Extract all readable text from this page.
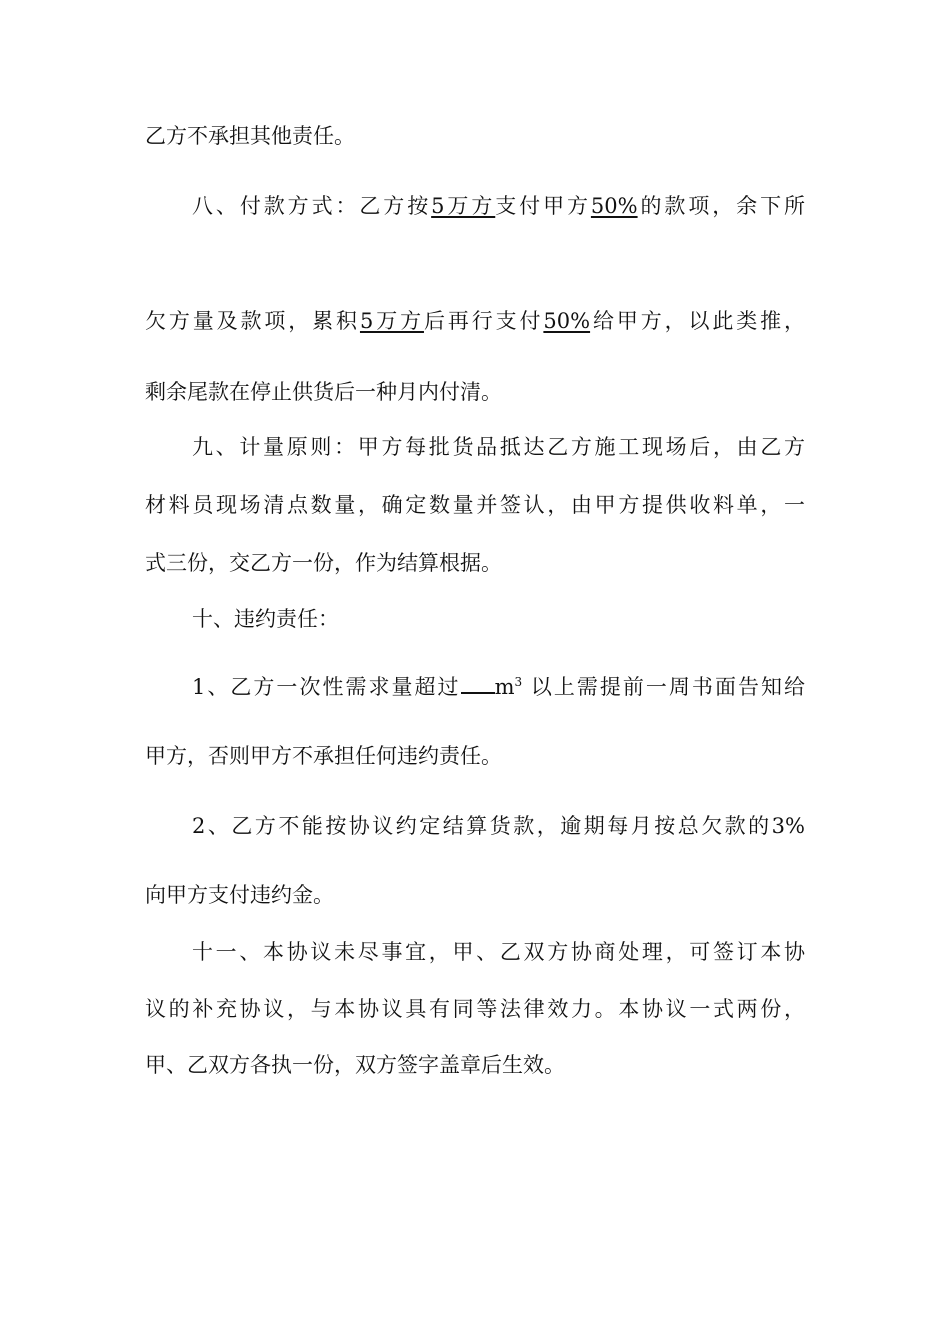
乙方不承担其他责任。
八、付款方式：乙方按5万方支付甲方50%的款项，余下所
欠方量及款项，累积5万方后再行支付50%给甲方，以此类推，
剩余尾款在停止供货后一种月内付清。
九、计量原则：甲方每批货品抵达乙方施工现场后，由乙方
材料员现场清点数量，确定数量并签认，由甲方提供收料单，一
式三份，交乙方一份，作为结算根据。
十、违约责任：
1、乙方一次性需求量超过 $m^3$ 以上需提前一周书面告知给
甲方，否则甲方不承担任何违约责任。
2、乙方不能按协议约定结算货款，逾期每月按总欠款的3%
向甲方支付违约金。
十一、本协议未尽事宜，甲、乙双方协商处理，可签订本协
议的补充协议，与本协议具有同等法律效力。本协议一式两份，
甲、乙双方各执一份，双方签字盖章后生效。
